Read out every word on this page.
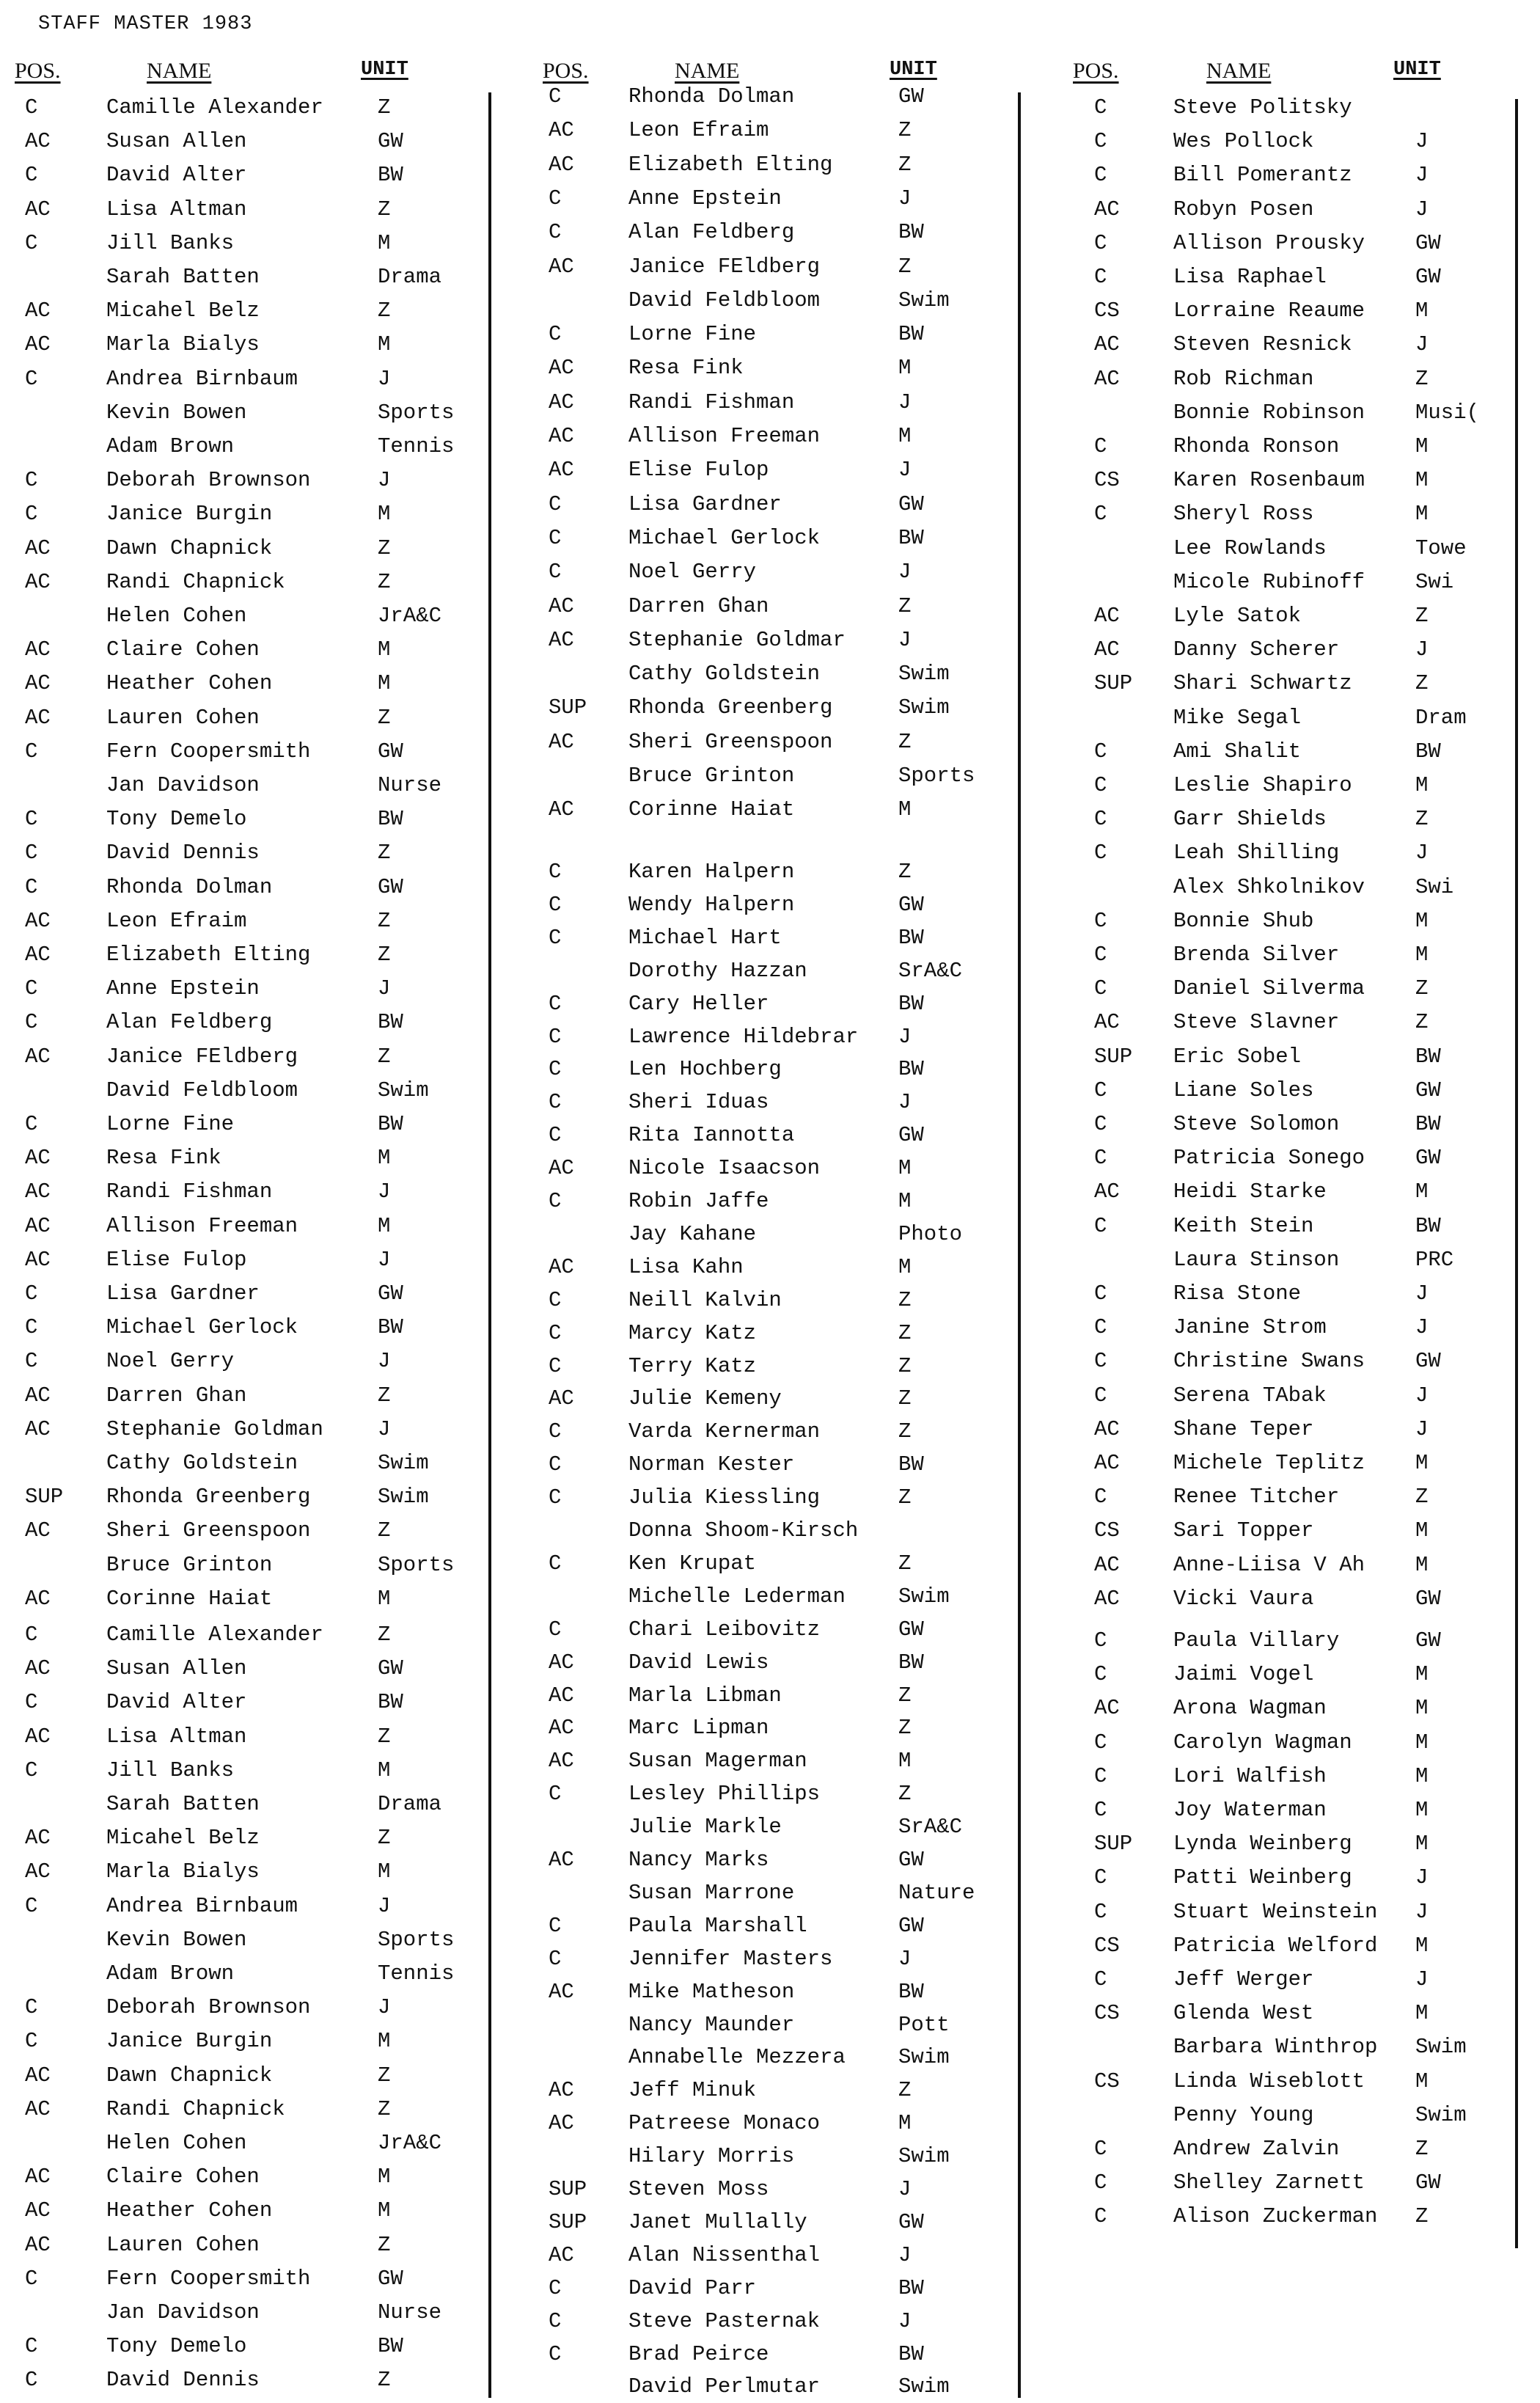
STAFF MASTER 1983
POS.	NAME	UNIT	POS.	NAME	UNIT	POS.	NAME	UNIT
C	Camille Alexander	Z
AC	Susan Allen	GW
C	David Alter	BW
AC	Lisa Altman	Z
C	Jill Banks	M
Sarah Batten	Drama
AC	Micahel Belz	Z
AC	Marla Bialys	M
C	Andrea Birnbaum	J
Kevin Bowen	Sports
Adam Brown	Tennis
C	Deborah Brownson	J
C	Janice Burgin	M
AC	Dawn Chapnick	Z
AC	Randi Chapnick	Z
Helen Cohen	JrA&C
AC	Claire Cohen	M
AC	Heather Cohen	M
AC	Lauren Cohen	Z
C	Fern Coopersmith	GW
Jan Davidson	Nurse
C	Tony Demelo	BW
C	David Dennis	Z
C	Rhonda Dolman	GW
AC	Leon Efraim	Z
AC	Elizabeth Elting	Z
C	Anne Epstein	J
C	Alan Feldberg	BW
AC	Janice FEldberg	Z
David Feldbloom	Swim
C	Lorne Fine	BW
AC	Resa Fink	M
AC	Randi Fishman	J
AC	Allison Freeman	M
AC	Elise Fulop	J
C	Lisa Gardner	GW
C	Michael Gerlock	BW
C	Noel Gerry	J
AC	Darren Ghan	Z
AC	Stephanie Goldman	J
Cathy Goldstein	Swim
SUP Rhonda Greenberg	Swim
AC	Sheri Greenspoon	Z
Bruce Grinton	Sports
AC	Corinne Haiat	M
C	Camille Alexander	Z
AC	Susan Allen	GW
C	David Alter	BW
AC	Lisa Altman	Z
C	Jill Banks	M
Sarah Batten	Drama
AC	Micahel Belz	Z
AC	Marla Bialys	M
C	Andrea Birnbaum	J
Kevin Bowen	Sports
Adam Brown	Tennis
C	Deborah Brownson	J
C	Janice Burgin	M
AC	Dawn Chapnick	Z
AC	Randi Chapnick	Z
Helen Cohen	JrA&C
AC	Claire Cohen	M
AC	Heather Cohen	M
AC	Lauren Cohen	Z
C	Fern Coopersmith	GW
Jan Davidson	Nurse
C	Tony Demelo	BW
C	David Dennis	Z
C	Rhonda Dolman	GW
AC	Leon Efraim	Z
AC	Elizabeth Elting	Z
C	Anne Epstein	J
C	Alan Feldberg	BW
AC	Janice FEldberg	Z
David Feldbloom	Swim
C	Lorne Fine	BW
AC	Resa Fink	M
AC	Randi Fishman	J
AC	Allison Freeman	M
AC	Elise Fulop	J
C	Lisa Gardner	GW
C	Michael Gerlock	BW
C	Noel Gerry	J
AC	Darren Ghan	Z
AC	Stephanie Goldmar J
Cathy Goldstein	Swim
SUP Rhonda Greenberg	Swim
AC	Sheri Greenspoon	Z
Bruce Grinton	Sports
AC	Corinne Haiat	M
C	Karen Halpern	Z
C	Wendy Halpern	GW
C	Michael Hart	BW
Dorothy Hazzan	SrA&C
C	Cary Heller	BW
C	Lawrence Hildebrar J
C	Len Hochberg	BW
C	Sheri Iduas	J
C	Rita Iannotta	GW
AC	Nicole Isaacson	M
C	Robin Jaffe	M
Jay Kahane	Photo
AC	Lisa Kahn	M
C	Neill Kalvin	Z
C	Marcy Katz	Z
C	Terry Katz	Z
AC	Julie Kemeny	Z
C	Varda Kernerman	Z
C	Norman Kester	BW
C	Julia Kiessling	Z
Donna Shoom-Kirsch
C	Ken Krupat	Z
Michelle Lederman Swim
C	Chari Leibovitz	GW
AC	David Lewis	BW
AC	Marla Libman	Z
AC	Marc Lipman	Z
AC	Susan Magerman	M
C	Lesley Phillips	Z
Julie Markle	SrA&C
AC	Nancy Marks	GW
Susan Marrone	Nature
C	Paula Marshall	GW
C	Jennifer Masters	J
AC	Mike Matheson	BW
Nancy Maunder	Pott
Annabelle Mezzera Swim
AC	Jeff Minuk	Z
AC	Patreese Monaco	M
Hilary Morris	Swim
SUP Steven Moss	J
SUP Janet Mullally	GW
AC	Alan Nissenthal	J
C	David Parr	BW
C	Steve Pasternak	J
C	Brad Peirce	BW
David Perlmutar	Swim
C	Steve Politsky
C	Wes Pollock	J
C	Bill Pomerantz	J
AC	Robyn Posen	J
C	Allison Prousky GW
C	Lisa Raphael	GW
CS	Lorraine Reaume M
AC	Steven Resnick	J
AC	Rob Richman	Z
Bonnie Robinson Musi(
C	Rhonda Ronson	M
CS	Karen Rosenbaum M
C	Sheryl Ross	M
Lee Rowlands	Towe
Micole Rubinoff Swi
AC	Lyle Satok	Z
AC	Danny Scherer	J
SUP Shari Schwartz	Z
Mike Segal	Dram
C	Ami Shalit	BW
C	Leslie Shapiro	M
C	Garr Shields	Z
C	Leah Shilling	J
Alex Shkolnikov Swi
C	Bonnie Shub	M
C	Brenda Silver	M
C	Daniel Silverma Z
AC	Steve Slavner	Z
SUP Eric Sobel	BW
C	Liane Soles	GW
C	Steve Solomon	BW
C	Patricia Sonego GW
AC	Heidi Starke	M
C	Keith Stein	BW
Laura Stinson	PRC
C	Risa Stone	J
C	Janine Strom	J
C	Christine Swans GW
C	Serena TAbak	J
AC	Shane Teper	J
AC	Michele Teplitz M
C	Renee Titcher	Z
CS	Sari Topper	M
AC	Anne-Liisa V Ah M
AC	Vicki Vaura	GW
C	Paula Villary	GW
C	Jaimi Vogel	M
AC	Arona Wagman	M
C	Carolyn Wagman	M
C	Lori Walfish	M
C	Joy Waterman	M
SUP Lynda Weinberg	M
C	Patti Weinberg	J
C	Stuart Weinstein J
CS	Patricia Welford M
C	Jeff Werger	J
CS	Glenda West	M
Barbara Winthrop Swim
CS	Linda Wiseblott M
Penny Young	Swim
C	Andrew Zalvin	Z
C	Shelley Zarnett GW
C	Alison Zuckerman Z
